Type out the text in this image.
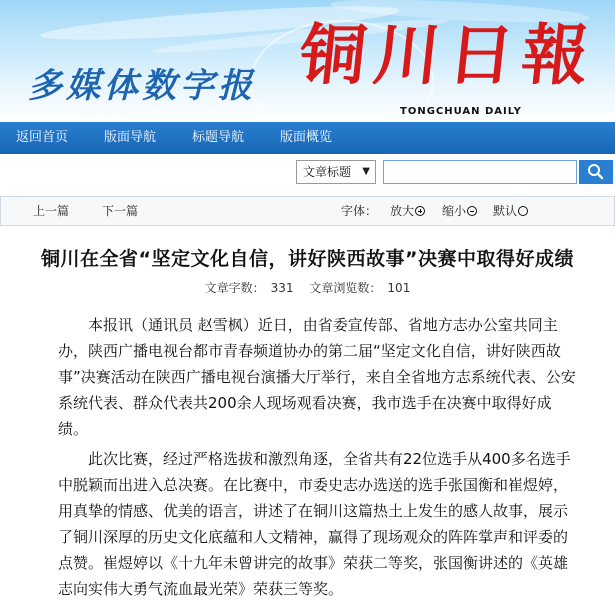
多媒体数字报 铜川日報
TONGCHUAN DAILY
返回首页	版面导航	标题导航	版面概览
文章标题 ▼
上一篇	下一篇	字体： 放大	缩小	默认
铜川在全省“坚定文化自信，讲好陕西故事”决赛中取得好成绩
文章字数： 331 文章浏览数： 101

本报讯（通讯员 赵雪枫）近日，由省委宣传部、省地方志办公室共同主办，陕西广播电视台都市青春频道协办的第二届“坚定文化自信，讲好陕西故事”决赛活动在陕西广播电视台演播大厅举行，来自全省地方志系统代表、公安系统代表、群众代表共200余人现场观看决赛，我市选手在决赛中取得好成绩。

此次比赛，经过严格选拔和激烈角逐，全省共有22位选手从400多名选手中脱颖而出进入总决赛。在比赛中，市委史志办选送的选手张国衡和崔煜婷，用真挚的情感、优美的语言，讲述了在铜川这篇热土上发生的感人故事，展示了铜川深厚的历史文化底蕴和人文精神，赢得了现场观众的阵阵掌声和评委的点赞。崔煜婷以《十九年未曾讲完的故事》荣获二等奖，张国衡讲述的《英雄志向实伟大勇气流血最光荣》荣获三等奖。
